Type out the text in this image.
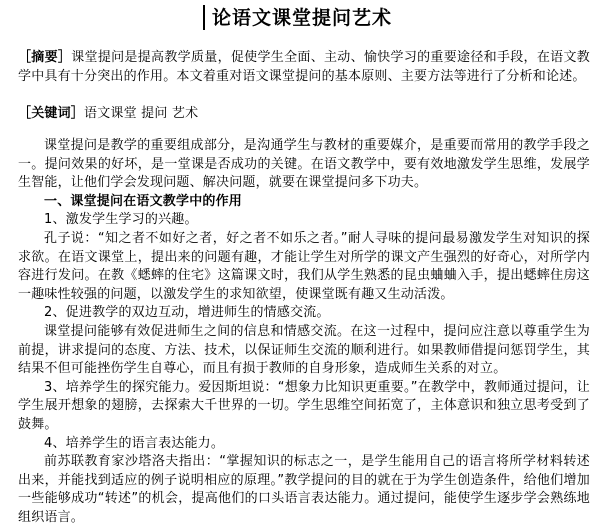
论语文课堂提问艺术
［摘要］课堂提问是提高教学质量，促使学生全面、主动、愉快学习的重要途径和手段，在语文教学中具有十分突出的作用。本文着重对语文课堂提问的基本原则、主要方法等进行了分析和论述。
［关键词］语文课堂 提问 艺术

课堂提问是教学的重要组成部分，是沟通学生与教材的重要媒介，是重要而常用的教学手段之一。提问效果的好坏，是一堂课是否成功的关键。在语文教学中，要有效地激发学生思维，发展学生智能，让他们学会发现问题、解决问题，就要在课堂提问多下功夫。

一、课堂提问在语文教学中的作用

1、激发学生学习的兴趣。

孔子说：“知之者不如好之者，好之者不如乐之者。”耐人寻味的提问最易激发学生对知识的探求欲。在语文课堂上，提出来的问题有趣，才能让学生对所学的课文产生强烈的好奇心，对所学内容进行发问。在教《蟋蟀的住宅》这篇课文时，我们从学生熟悉的昆虫蛐蛐入手，提出蟋蟀住房这一趣味性较强的问题，以激发学生的求知欲望，使课堂既有趣又生动活泼。

2、促进教学的双边互动，增进师生的情感交流。

课堂提问能够有效促进师生之间的信息和情感交流。在这一过程中，提问应注意以尊重学生为前提，讲求提问的态度、方法、技术，以保证师生交流的顺利进行。如果教师借提问惩罚学生，其结果不但可能挫伤学生自尊心，而且有损于教师的自身形象，造成师生关系的对立。

3、培养学生的探究能力。爱因斯坦说：“想象力比知识更重要。”在教学中，教师通过提问，让学生展开想象的翅膀，去探索大千世界的一切。学生思维空间拓宽了，主体意识和独立思考受到了鼓舞。

4、培养学生的语言表达能力。

前苏联教育家沙塔洛夫指出：“掌握知识的标志之一，是学生能用自己的语言将所学材料转述出来，并能找到适应的例子说明相应的原理。”教学提问的目的就在于为学生创造条件，给他们增加一些能够成功“转述”的机会，提高他们的口头语言表达能力。通过提问，能使学生逐步学会熟练地组织语言。
